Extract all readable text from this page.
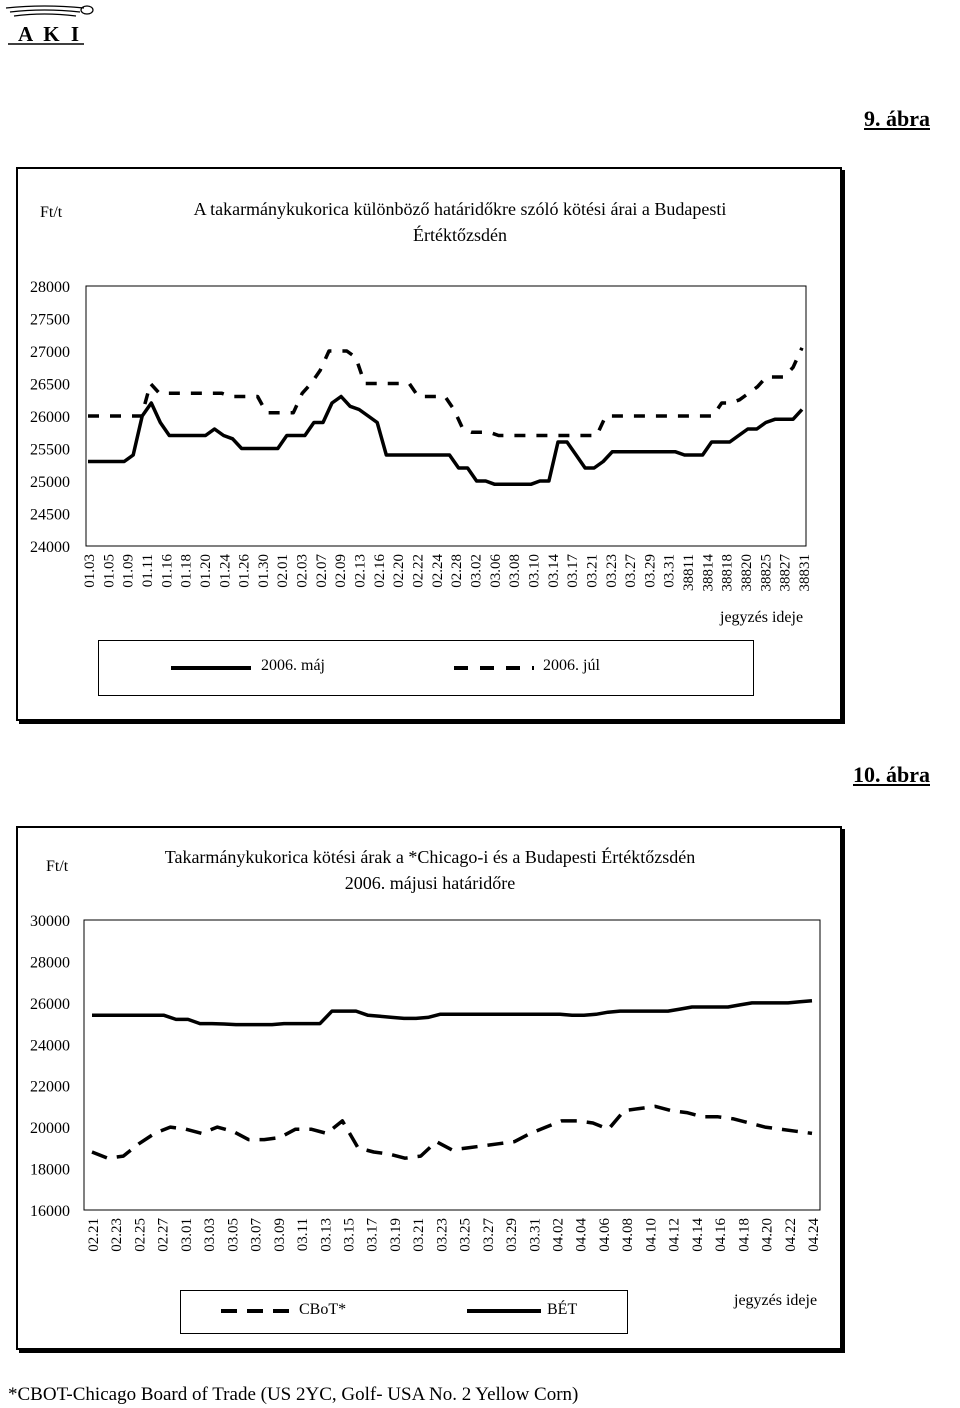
A K I
9. ábra
Ft/t	A takarmánykukorica különböző határidőkre szóló kötési árai a Budapesti
Értéktőzsdén
24000
24500
25000
25500
26000
26500
27000
27500
28000
01.03 01.05 01.09 01.11 01.16 01.18 01.20 01.24 01.26 01.30 02.01 02.03 02.07 02.09 02.13 02.16 02.20 02.22 02.24 02.28 03.02 03.06 03.08 03.10 03.14 03.17 03.21 03.23 03.27 03.29 03.31 38811 38814 38818 38820 38825 38827 38831
jegyzés ideje
2006. máj	2006. júl
10. ábra
Ft/t	Takarmánykukorica kötési árak a *Chicago-i és a Budapesti Értéktőzsdén
2006. májusi határidőre
16000
18000
20000
22000
24000
26000
28000
30000
02.21 02.23 02.25 02.27 03.01 03.03 03.05 03.07 03.09 03.11 03.13 03.15 03.17 03.19 03.21 03.23 03.25 03.27 03.29 03.31 04.02 04.04 04.06 04.08 04.10 04.12 04.14 04.16 04.18 04.20 04.22 04.24
CBoT*	BÉT
jegyzés ideje
*CBOT-Chicago Board of Trade (US 2YC, Golf- USA No. 2 Yellow Corn)
